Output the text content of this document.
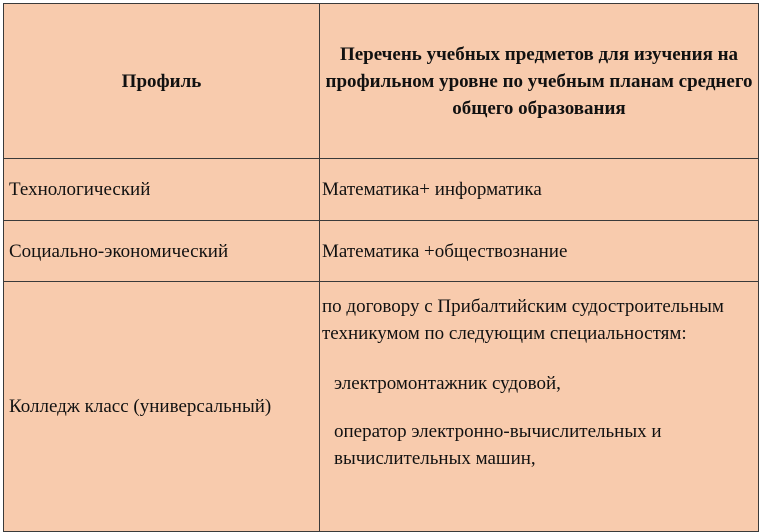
Профиль	Перечень учебных предметов для изучения на профильном уровне по учебным планам среднего общего образования
Технологический	Математика+ информатика
Социально-экономический	Математика +обществознание
Колледж класс (универсальный)	по договору с Прибалтийским судостроительным техникумом по следующим специальностям:
электромонтажник судовой,
оператор электронно-вычислительных и вычислительных машин,
